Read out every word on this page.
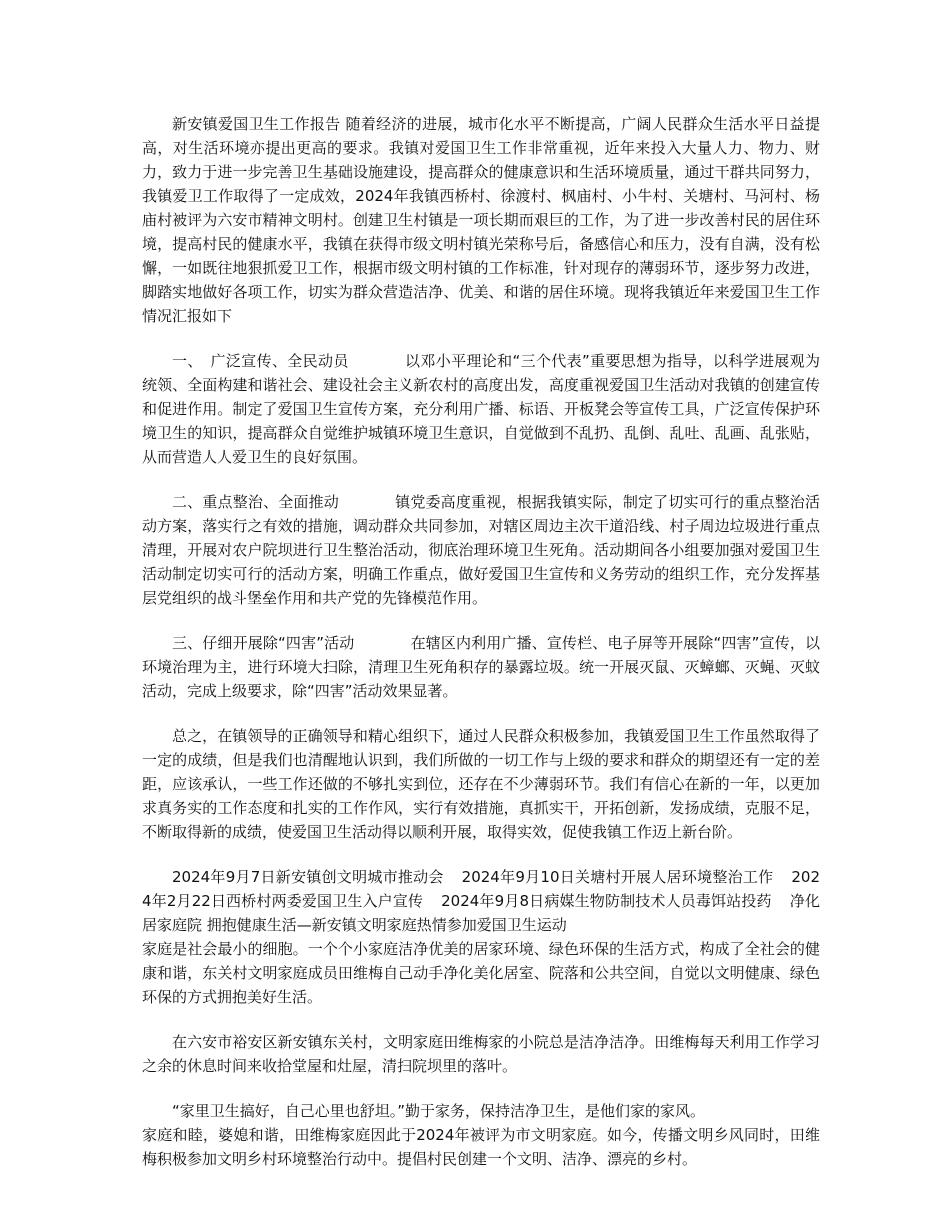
新安镇爱国卫生工作报告 随着经济的进展，城市化水平不断提高，广阔人民群众生活水平日益提高，对生活环境亦提出更高的要求。我镇对爱国卫生工作非常重视，近年来投入大量人力、物力、财力，致力于进一步完善卫生基础设施建设，提高群众的健康意识和生活环境质量，通过干群共同努力，我镇爱卫工作取得了一定成效，2024年我镇西桥村、徐渡村、枫庙村、小牛村、关塘村、马河村、杨庙村被评为六安市精神文明村。创建卫生村镇是一项长期而艰巨的工作，为了进一步改善村民的居住环境，提高村民的健康水平，我镇在获得市级文明村镇光荣称号后，备感信心和压力，没有自满，没有松懈，一如既往地狠抓爱卫工作，根据市级文明村镇的工作标准，针对现存的薄弱环节，逐步努力改进，脚踏实地做好各项工作，切实为群众营造洁净、优美、和谐的居住环境。现将我镇近年来爱国卫生工作情况汇报如下

一、　广泛宣传、全民动员	以邓小平理论和“三个代表”重要思想为指导，以科学进展观为统领、全面构建和谐社会、建设社会主义新农村的高度出发，高度重视爱国卫生活动对我镇的创建宣传和促进作用。制定了爱国卫生宣传方案，充分利用广播、标语、开板凳会等宣传工具，广泛宣传保护环境卫生的知识，提高群众自觉维护城镇环境卫生意识，自觉做到不乱扔、乱倒、乱吐、乱画、乱张贴，从而营造人人爱卫生的良好氛围。

二、重点整治、全面推动	镇党委高度重视，根据我镇实际，制定了切实可行的重点整治活动方案，落实行之有效的措施，调动群众共同参加，对辖区周边主次干道沿线、村子周边垃圾进行重点清理，开展对农户院坝进行卫生整治活动，彻底治理环境卫生死角。活动期间各小组要加强对爱国卫生活动制定切实可行的活动方案，明确工作重点，做好爱国卫生宣传和义务劳动的组织工作，充分发挥基层党组织的战斗堡垒作用和共产党的先锋模范作用。

三、仔细开展除“四害”活动	在辖区内利用广播、宣传栏、电子屏等开展除“四害”宣传，以环境治理为主，进行环境大扫除，清理卫生死角积存的暴露垃圾。统一开展灭鼠、灭蟑螂、灭蝇、灭蚊活动，完成上级要求，除“四害”活动效果显著。

总之，在镇领导的正确领导和精心组织下，通过人民群众积极参加，我镇爱国卫生工作虽然取得了一定的成绩，但是我们也清醒地认识到，我们所做的一切工作与上级的要求和群众的期望还有一定的差距，应该承认，一些工作还做的不够扎实到位，还存在不少薄弱环节。我们有信心在新的一年，以更加求真务实的工作态度和扎实的工作作风，实行有效措施，真抓实干，开拓创新，发扬成绩，克服不足，不断取得新的成绩，使爱国卫生活动得以顺利开展，取得实效，促使我镇工作迈上新台阶。

2024年9月7日新安镇创文明城市推动会 2024年9月10日关塘村开展人居环境整治工作 2024年2月22日西桥村两委爱国卫生入户宣传 2024年9月8日病媒生物防制技术人员毒饵站投药 净化居家庭院 拥抱健康生活—新安镇文明家庭热情参加爱国卫生运动
家庭是社会最小的细胞。一个个小家庭洁净优美的居家环境、绿色环保的生活方式，构成了全社会的健康和谐，东关村文明家庭成员田维梅自己动手净化美化居室、院落和公共空间，自觉以文明健康、绿色环保的方式拥抱美好生活。

在六安市裕安区新安镇东关村，文明家庭田维梅家的小院总是洁净洁净。田维梅每天利用工作学习之余的休息时间来收拾堂屋和灶屋，清扫院坝里的落叶。

“家里卫生搞好，自己心里也舒坦。”勤于家务，保持洁净卫生，是他们家的家风。
家庭和睦，婆媳和谐，田维梅家庭因此于2024年被评为市文明家庭。如今，传播文明乡风同时，田维梅积极参加文明乡村环境整治行动中。提倡村民创建一个文明、洁净、漂亮的乡村。
